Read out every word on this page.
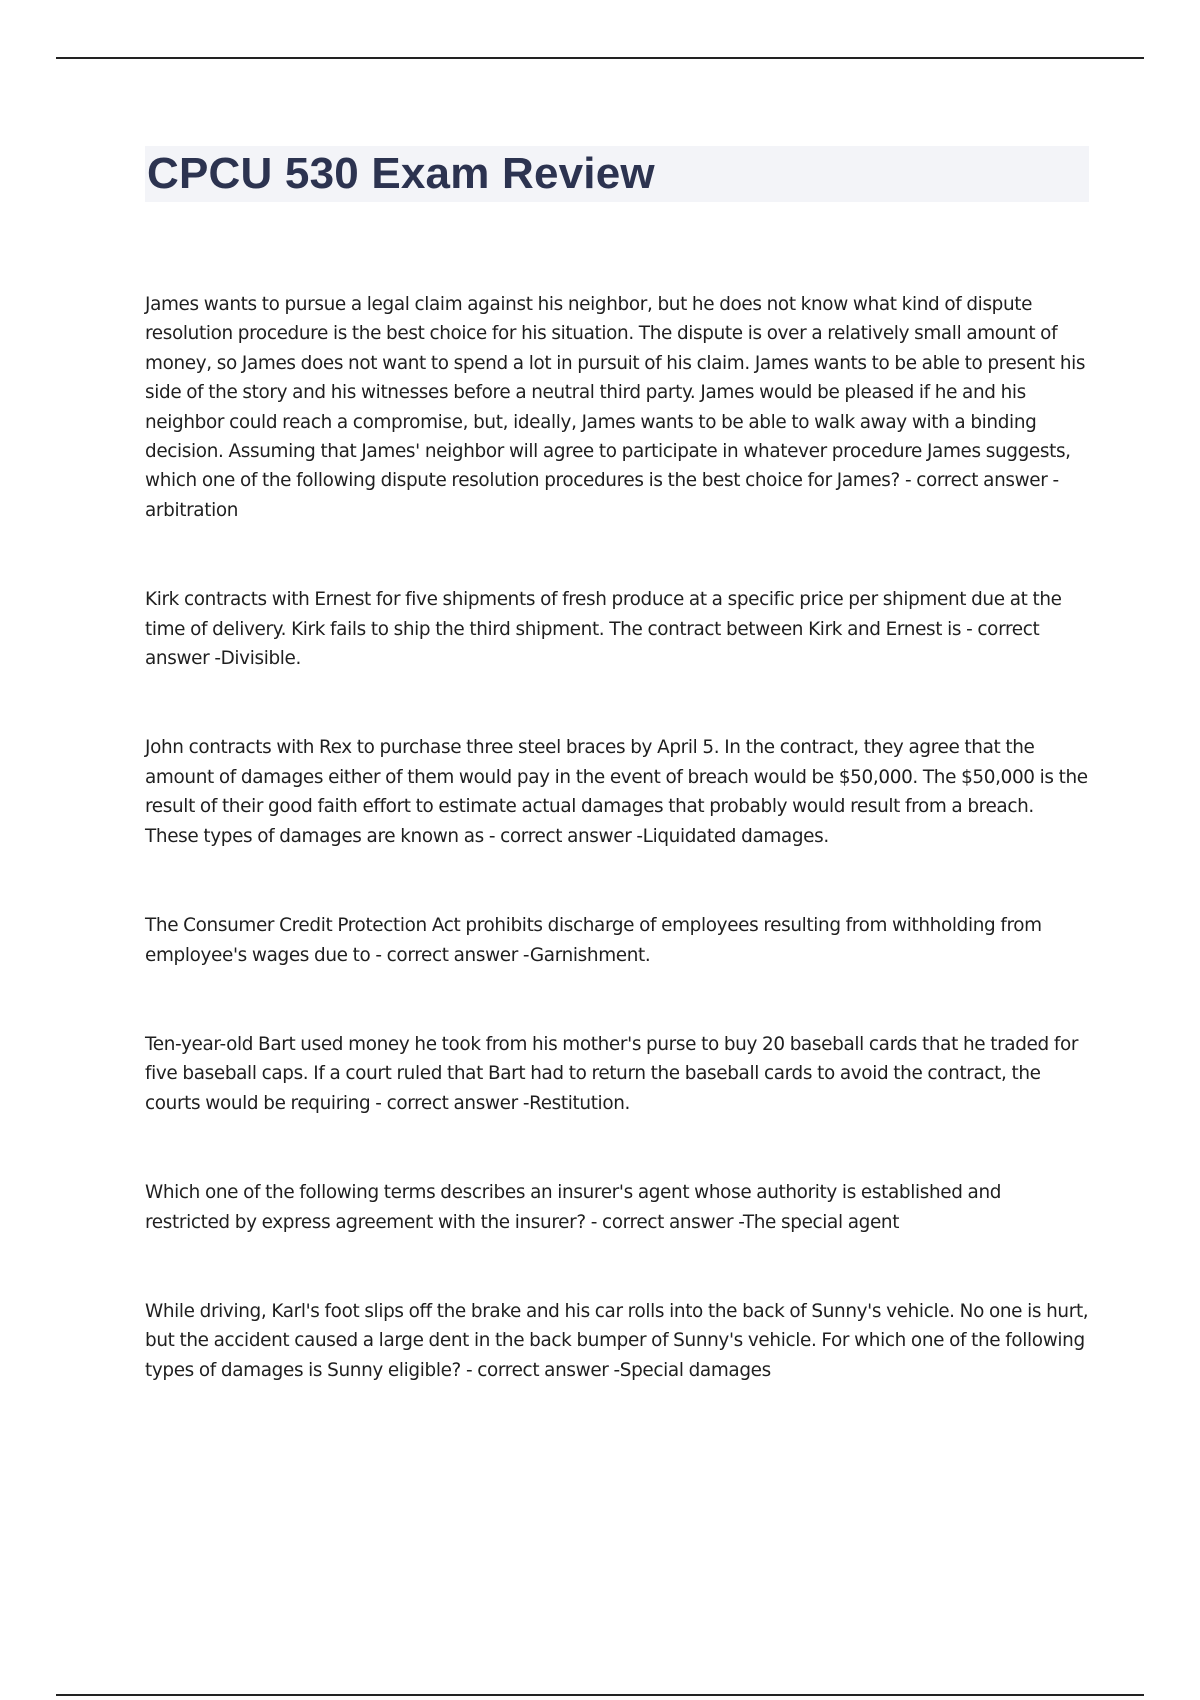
CPCU 530 Exam Review

James wants to pursue a legal claim against his neighbor, but he does not know what kind of dispute resolution procedure is the best choice for his situation. The dispute is over a relatively small amount of money, so James does not want to spend a lot in pursuit of his claim. James wants to be able to present his side of the story and his witnesses before a neutral third party. James would be pleased if he and his neighbor could reach a compromise, but, ideally, James wants to be able to walk away with a binding decision. Assuming that James' neighbor will agree to participate in whatever procedure James suggests, which one of the following dispute resolution procedures is the best choice for James? - correct answer -arbitration

Kirk contracts with Ernest for five shipments of fresh produce at a specific price per shipment due at the time of delivery. Kirk fails to ship the third shipment. The contract between Kirk and Ernest is - correct answer -Divisible.

John contracts with Rex to purchase three steel braces by April 5. In the contract, they agree that the amount of damages either of them would pay in the event of breach would be $50,000. The $50,000 is the result of their good faith effort to estimate actual damages that probably would result from a breach. These types of damages are known as - correct answer -Liquidated damages.

The Consumer Credit Protection Act prohibits discharge of employees resulting from withholding from employee's wages due to - correct answer -Garnishment.

Ten-year-old Bart used money he took from his mother's purse to buy 20 baseball cards that he traded for five baseball caps. If a court ruled that Bart had to return the baseball cards to avoid the contract, the courts would be requiring - correct answer -Restitution.

Which one of the following terms describes an insurer's agent whose authority is established and restricted by express agreement with the insurer? - correct answer -The special agent

While driving, Karl's foot slips off the brake and his car rolls into the back of Sunny's vehicle. No one is hurt, but the accident caused a large dent in the back bumper of Sunny's vehicle. For which one of the following types of damages is Sunny eligible? - correct answer -Special damages
